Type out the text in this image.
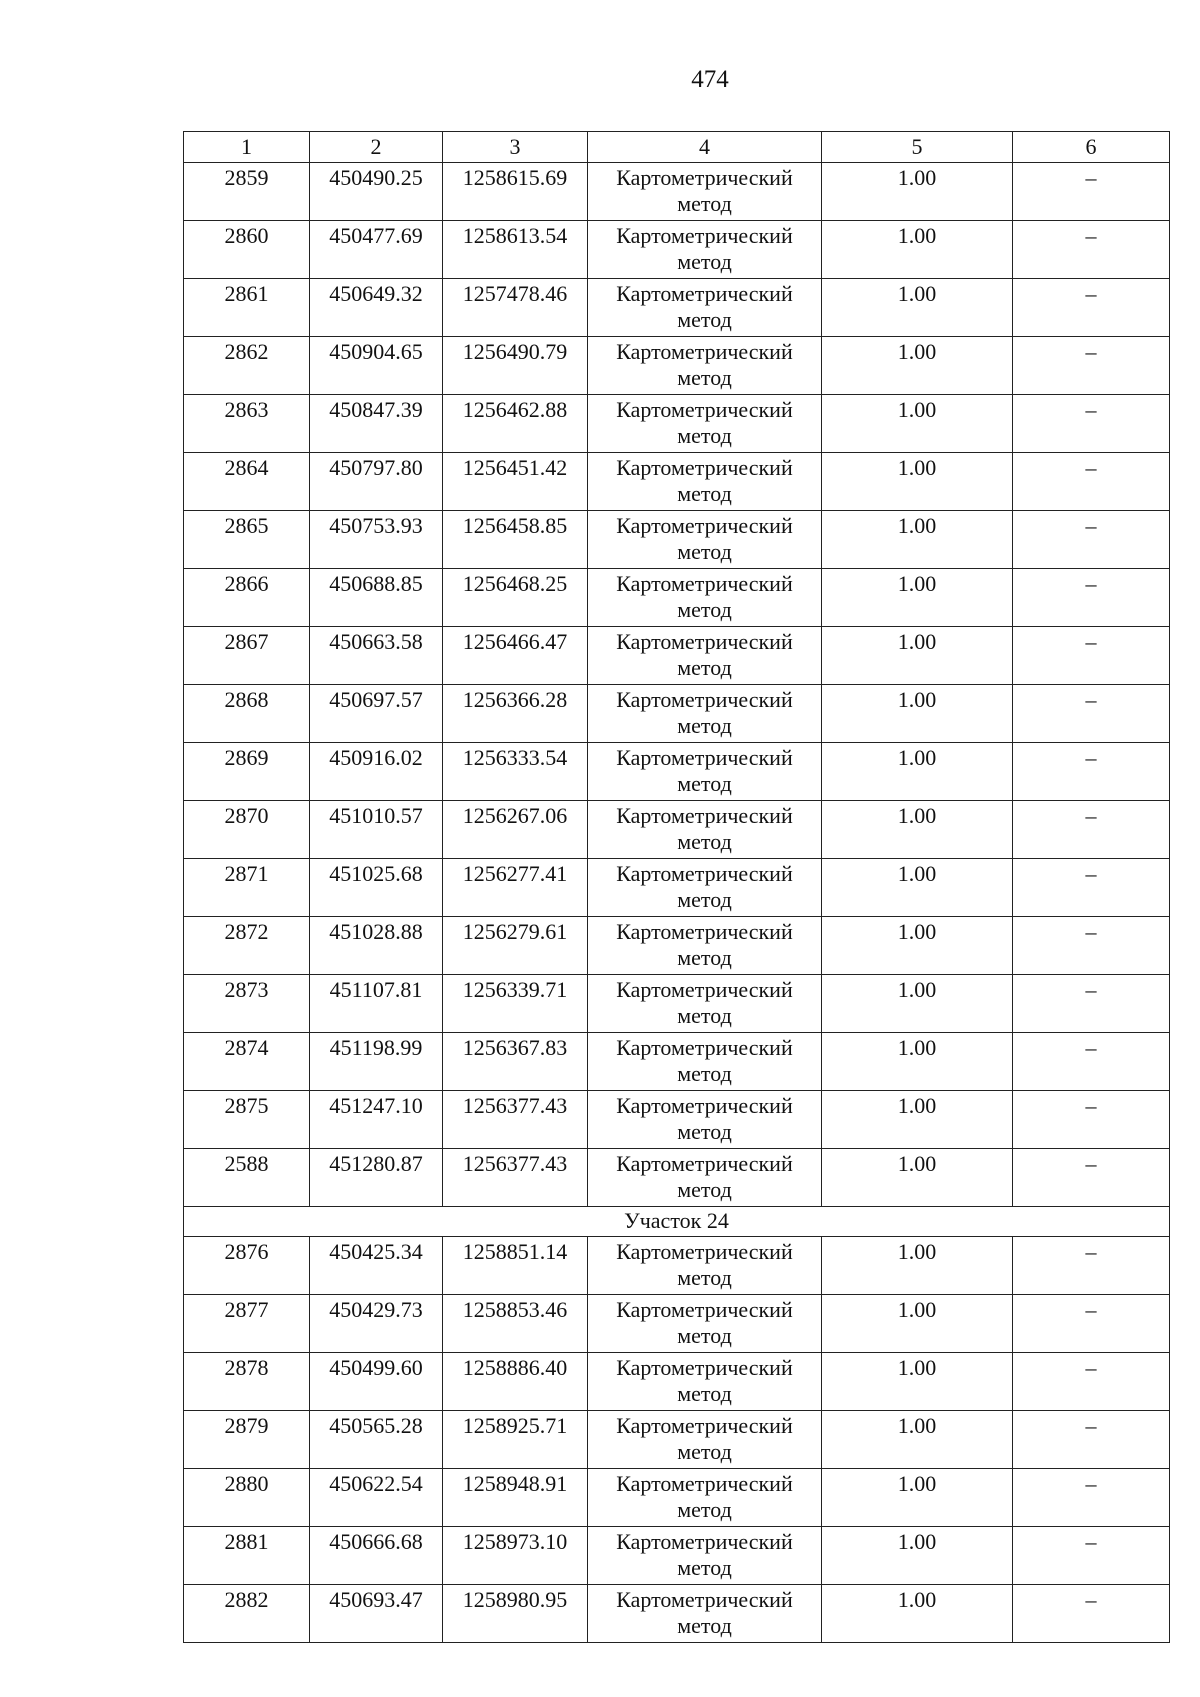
474
1	2	3	4	5	6
2859	450490.25	1258615.69	Картометрический метод	1.00	–
2860	450477.69	1258613.54	Картометрический метод	1.00	–
2861	450649.32	1257478.46	Картометрический метод	1.00	–
2862	450904.65	1256490.79	Картометрический метод	1.00	–
2863	450847.39	1256462.88	Картометрический метод	1.00	–
2864	450797.80	1256451.42	Картометрический метод	1.00	–
2865	450753.93	1256458.85	Картометрический метод	1.00	–
2866	450688.85	1256468.25	Картометрический метод	1.00	–
2867	450663.58	1256466.47	Картометрический метод	1.00	–
2868	450697.57	1256366.28	Картометрический метод	1.00	–
2869	450916.02	1256333.54	Картометрический метод	1.00	–
2870	451010.57	1256267.06	Картометрический метод	1.00	–
2871	451025.68	1256277.41	Картометрический метод	1.00	–
2872	451028.88	1256279.61	Картометрический метод	1.00	–
2873	451107.81	1256339.71	Картометрический метод	1.00	–
2874	451198.99	1256367.83	Картометрический метод	1.00	–
2875	451247.10	1256377.43	Картометрический метод	1.00	–
2588	451280.87	1256377.43	Картометрический метод	1.00	–
Участок 24					
2876	450425.34	1258851.14	Картометрический метод	1.00	–
2877	450429.73	1258853.46	Картометрический метод	1.00	–
2878	450499.60	1258886.40	Картометрический метод	1.00	–
2879	450565.28	1258925.71	Картометрический метод	1.00	–
2880	450622.54	1258948.91	Картометрический метод	1.00	–
2881	450666.68	1258973.10	Картометрический метод	1.00	–
2882	450693.47	1258980.95	Картометрический метод	1.00	–
